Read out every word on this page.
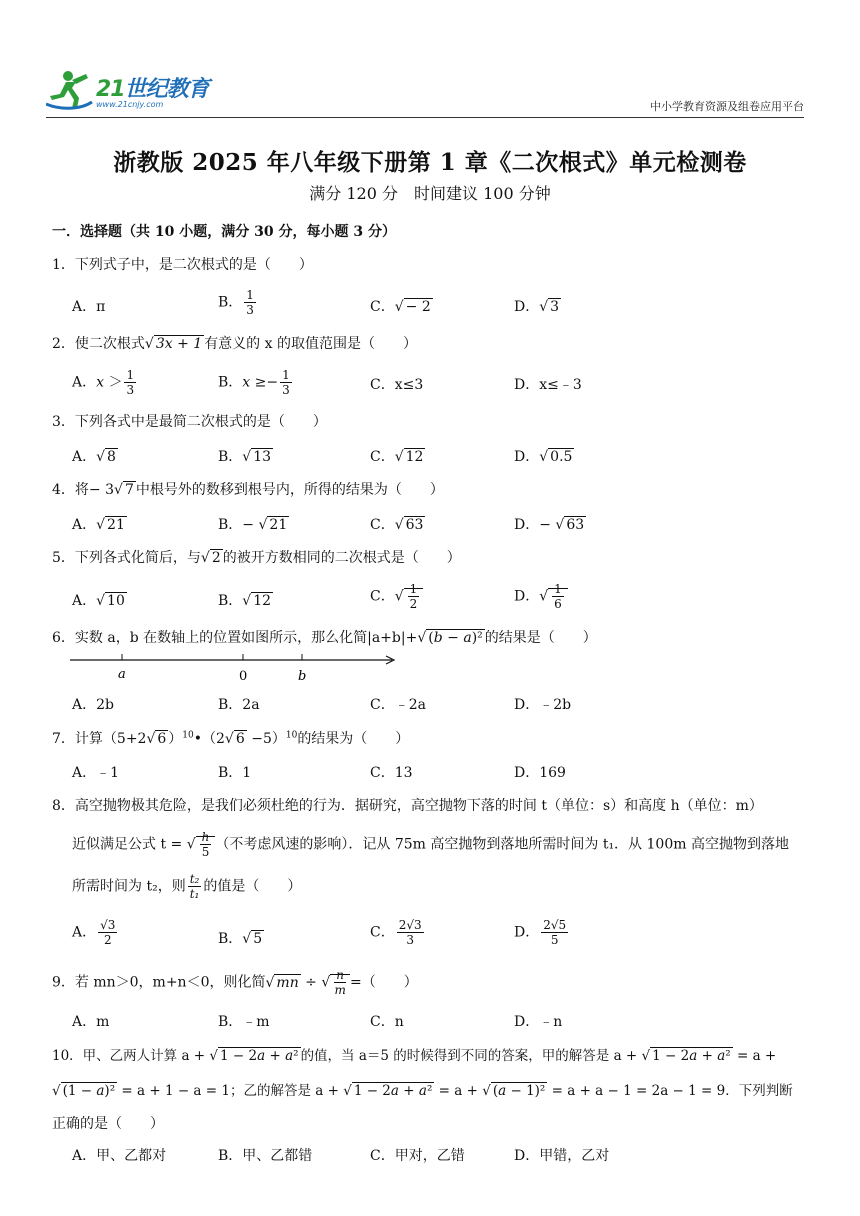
21世纪教育
www.21cnjy.com	中小学教育资源及组卷应用平台
浙教版 2025 年八年级下册第 1 章《二次根式》单元检测卷
满分 120 分　时间建议 100 分钟
一．选择题（共 10 小题，满分 30 分，每小题 3 分）
1．下列式子中，是二次根式的是（　　）
A．π	B． $\frac{1}{3}$	C．√ − 2	D．√ 3
2．使二次根式√ 3x + 1 有意义的 x 的取值范围是（　　）
A．$x > \frac{1}{3}$	B．$x \ge- \frac{1}{3}$	C．x≤3	D．x≤﹣3
3．下列各式中是最简二次根式的是（　　）
A．√ 8	B．√ 13	C．√ 12	D．√ 0.5
4．将− 3√ 7 中根号外的数移到根号内，所得的结果为（　　）
A．√ 21	B．− √ 21	C．√ 63	D．− √ 63
5．下列各式化简后，与√ 2 的被开方数相同的二次根式是（　　）
A．√ 10	B．√ 12	C．√ $\frac{1}{2}$	D．√ $\frac{1}{6}$
6．实数 a，b 在数轴上的位置如图所示，那么化简|a+b|+√ (b − a)² 的结果是（　　）
a	0	b
A．2b	B．2a	C．﹣2a	D．﹣2b
7．计算（5+2√ 6 ）$^{10}$•（2√ 6 −5）$^{10}$的结果为（　　）
A．﹣1	B．1	C．13	D．169
8．高空抛物极其危险，是我们必须杜绝的行为．据研究，高空抛物下落的时间 t（单位：s）和高度 h（单位：m）
近似满足公式 t = √ $\frac{h}{5}$ （不考虑风速的影响）．记从 75m 高空抛物到落地所需时间为 t₁．从 100m 高空抛物到落地
所需时间为 t₂，则 $\frac{\text{t₂}}{\text{t₁}}$ 的值是（　　）
A． $\frac{√3}{2}$	B．√ 5	C． $\frac{2√3}{3}$	D． $\frac{2√5}{5}$
9．若 mn＞0，m+n＜0，则化简√ mn ÷ √ $\frac{n}{m}$ =（　　）
A．m	B．﹣m	C．n	D．﹣n
10．甲、乙两人计算 a + √ 1 − 2a + a² 的值，当 a＝5 的时候得到不同的答案，甲的解答是 a + √ 1 − 2a + a² = a +
√ (1 − a)² = a + 1 − a = 1；乙的解答是 a + √ 1 − 2a + a² = a + √ (a − 1)² = a + a − 1 = 2a − 1 = 9．下列判断
正确的是（　　）
A．甲、乙都对	B．甲、乙都错	C．甲对，乙错	D．甲错，乙对
